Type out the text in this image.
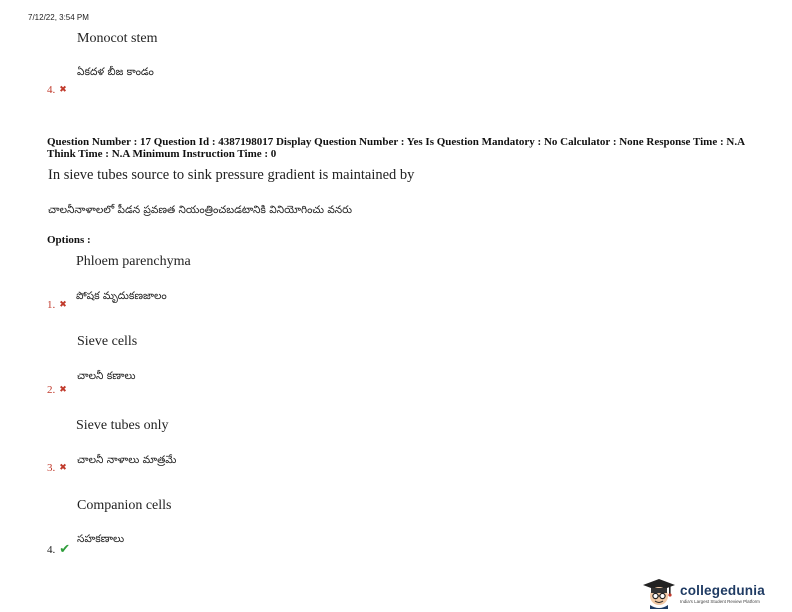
7/12/22, 3:54 PM
Monocot stem
ఏకదళ బీజ కాండం
4. ✖
Question Number : 17 Question Id : 4387198017 Display Question Number : Yes Is Question Mandatory : No Calculator : None Response Time : N.A Think Time : N.A Minimum Instruction Time : 0
In sieve tubes source to sink pressure gradient is maintained by
చాలనీనాళాలలో పీడన ప్రవణత నియంత్రించబడటానికి వినియోగించు వనరు
Options :
Phloem parenchyma
పోషక మృదుకణజాలం
1. ✖
Sieve cells
చాలనీ కణాలు
2. ✖
Sieve tubes only
చాలనీ నాళాలు మాత్రమే
3. ✖
Companion cells
సహకణాలు
4. ✔
collegedunia
India's Largest Student Review Platform
